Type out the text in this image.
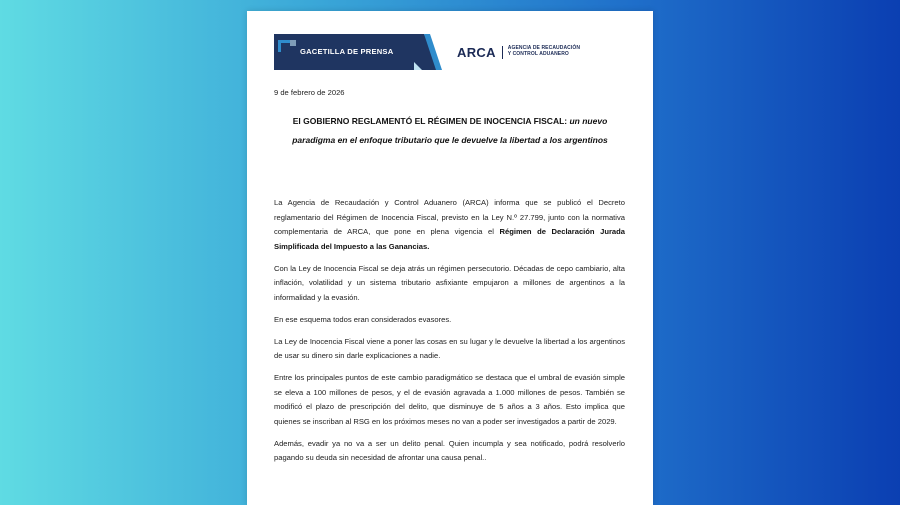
GACETILLA DE PRENSA	ARCA AGENCIA DE RECAUDACIÓN
Y CONTROL ADUANERO
9 de febrero de 2026
El GOBIERNO REGLAMENTÓ EL RÉGIMEN DE INOCENCIA FISCAL: un nuevo paradigma en el enfoque tributario que le devuelve la libertad a los argentinos

La Agencia de Recaudación y Control Aduanero (ARCA) informa que se publicó el Decreto reglamentario del Régimen de Inocencia Fiscal, previsto en la Ley N.º 27.799, junto con la normativa complementaria de ARCA, que pone en plena vigencia el Régimen de Declaración Jurada Simplificada del Impuesto a las Ganancias.

Con la Ley de Inocencia Fiscal se deja atrás un régimen persecutorio. Décadas de cepo cambiario, alta inflación, volatilidad y un sistema tributario asfixiante empujaron a millones de argentinos a la informalidad y la evasión.

En ese esquema todos eran considerados evasores.

La Ley de Inocencia Fiscal viene a poner las cosas en su lugar y le devuelve la libertad a los argentinos de usar su dinero sin darle explicaciones a nadie.

Entre los principales puntos de este cambio paradigmático se destaca que el umbral de evasión simple se eleva a 100 millones de pesos, y el de evasión agravada a 1.000 millones de pesos. También se modificó el plazo de prescripción del delito, que disminuye de 5 años a 3 años. Esto implica que quienes se inscriban al RSG en los próximos meses no van a poder ser investigados a partir de 2029.

Además, evadir ya no va a ser un delito penal. Quien incumpla y sea notificado, podrá resolverlo pagando su deuda sin necesidad de afrontar una causa penal..
